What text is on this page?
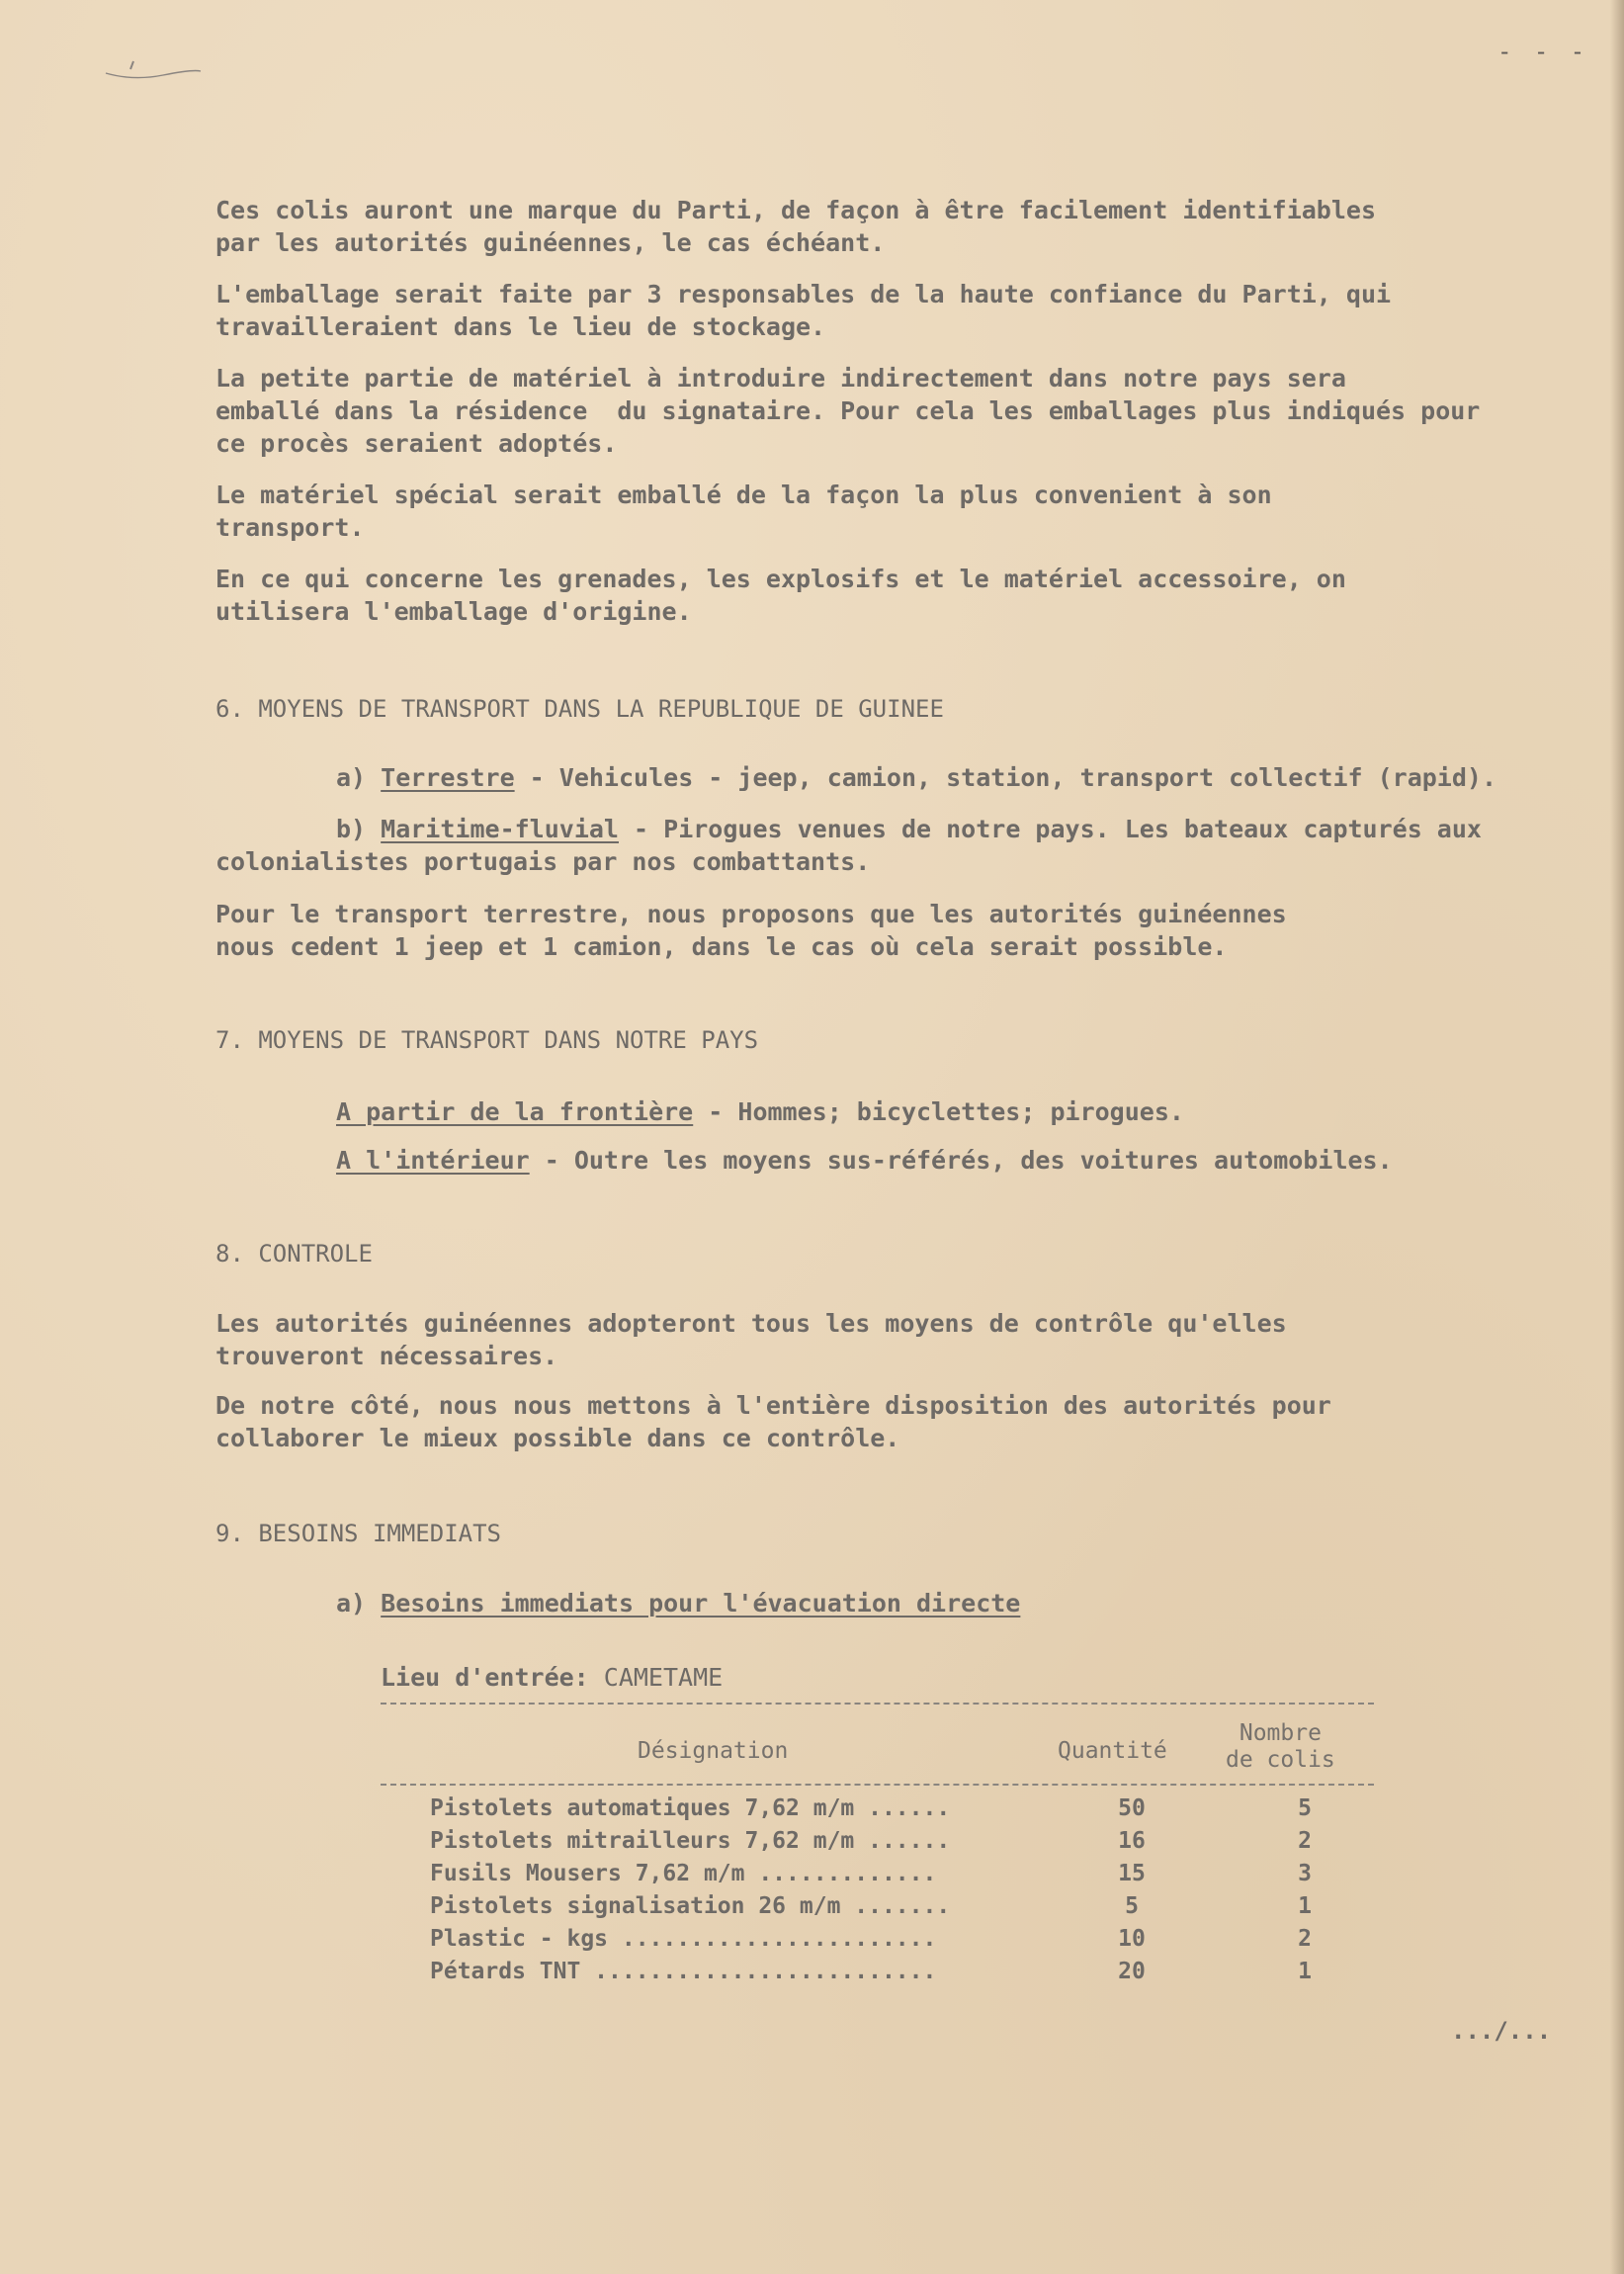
- - -
Ces colis auront une marque du Parti, de façon à être facilement identifiables
par les autorités guinéennes, le cas échéant.
L'emballage serait faite par 3 responsables de la haute confiance du Parti, qui
travailleraient dans le lieu de stockage.
La petite partie de matériel à introduire indirectement dans notre pays sera
emballé dans la résidence  du signataire. Pour cela les emballages plus indiqués pour
ce procès seraient adoptés.
Le matériel spécial serait emballé de la façon la plus convenient à son
transport.
En ce qui concerne les grenades, les explosifs et le matériel accessoire, on
utilisera l'emballage d'origine.
6. MOYENS DE TRANSPORT DANS LA REPUBLIQUE DE GUINEE
a) Terrestre - Vehicules - jeep, camion, station, transport collectif (rapid).
b) Maritime-fluvial - Pirogues venues de notre pays. Les bateaux capturés aux
colonialistes portugais par nos combattants.
Pour le transport terrestre, nous proposons que les autorités guinéennes
nous cedent 1 jeep et 1 camion, dans le cas où cela serait possible.
7. MOYENS DE TRANSPORT DANS NOTRE PAYS
A partir de la frontière - Hommes; bicyclettes; pirogues.
A l'intérieur - Outre les moyens sus-référés, des voitures automobiles.
8. CONTROLE
Les autorités guinéennes adopteront tous les moyens de contrôle qu'elles
trouveront nécessaires.
De notre côté, nous nous mettons à l'entière disposition des autorités pour
collaborer le mieux possible dans ce contrôle.
9. BESOINS IMMEDIATS
a) Besoins immediats pour l'évacuation directe
Lieu d'entrée: CAMETAME
Désignation	Quantité
Nombre
de colis
Pistolets automatiques 7,62 m/m ......	50	5
Pistolets mitrailleurs 7,62 m/m ......	16	2
Fusils Mousers 7,62 m/m .............	15	3
Pistolets signalisation 26 m/m .......	5	1
Plastic - kgs .......................	10	2
Pétards TNT .........................	20	1
.../...
